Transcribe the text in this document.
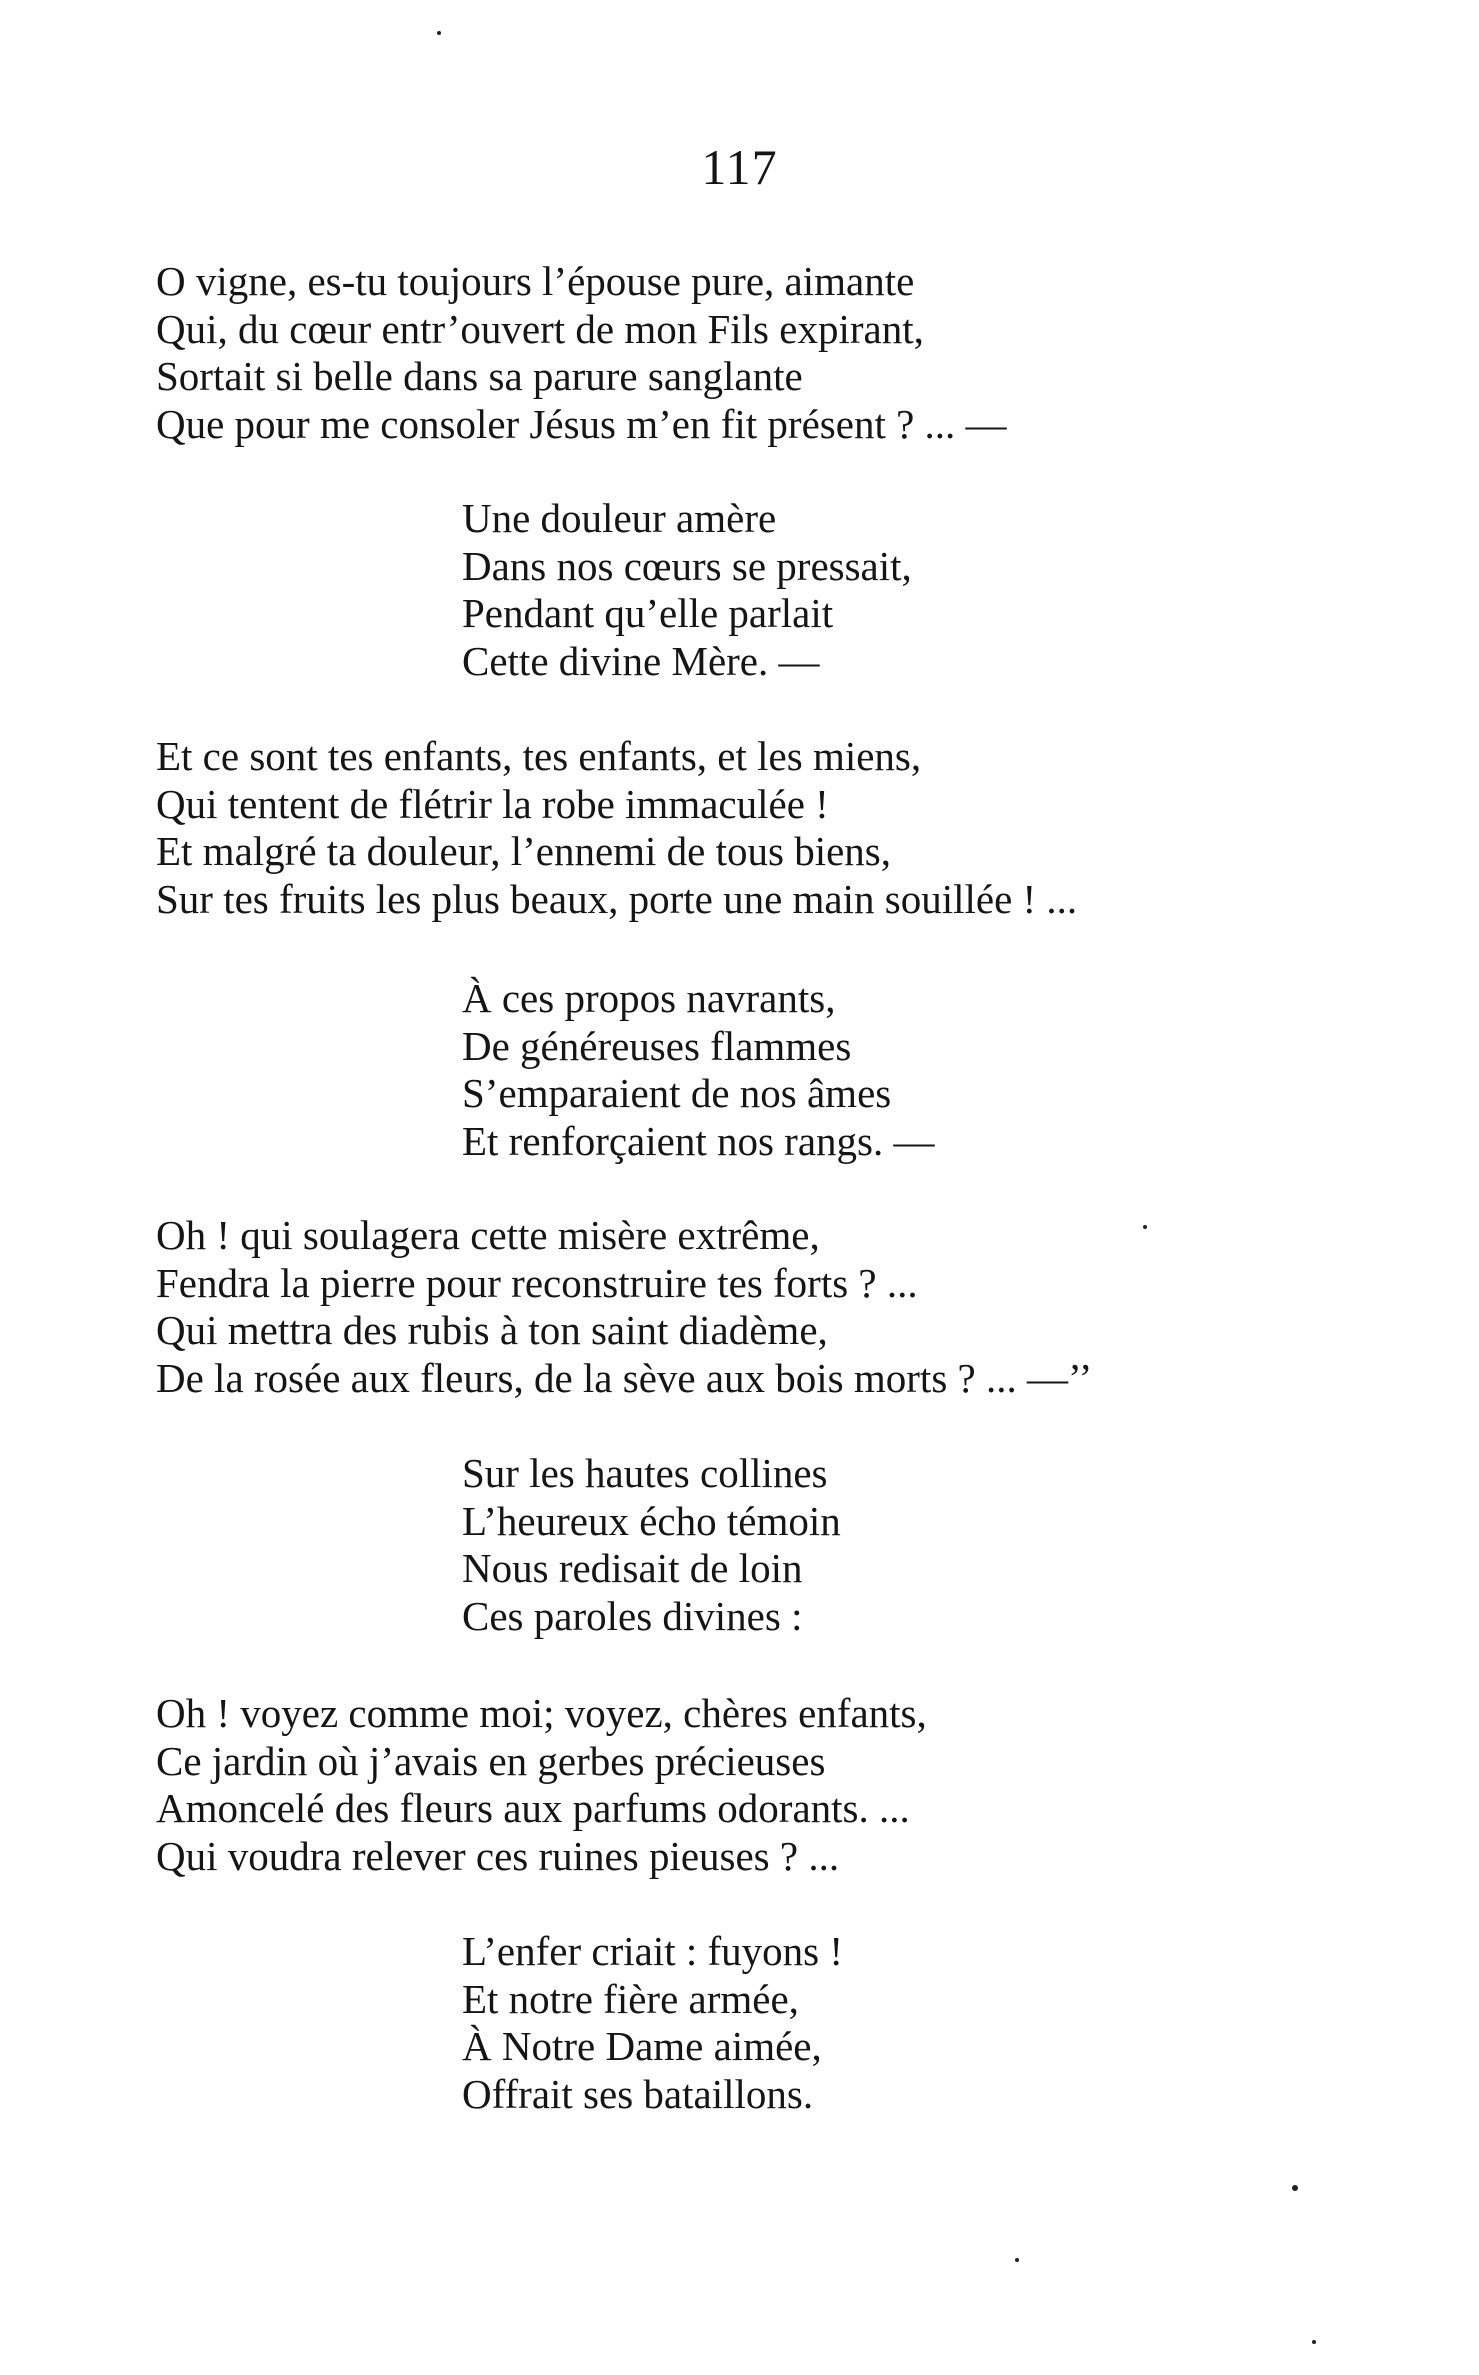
117
O vigne, es-tu toujours l’épouse pure, aimante
Qui, du cœur entr’ouvert de mon Fils expirant,
Sortait si belle dans sa parure sanglante
Que pour me consoler Jésus m’en fit présent ? ... —
Une douleur amère
Dans nos cœurs se pressait,
Pendant qu’elle parlait
Cette divine Mère. —
Et ce sont tes enfants, tes enfants, et les miens,
Qui tentent de flétrir la robe immaculée !
Et malgré ta douleur, l’ennemi de tous biens,
Sur tes fruits les plus beaux, porte une main souillée ! ...
À ces propos navrants,
De généreuses flammes
S’emparaient de nos âmes
Et renforçaient nos rangs. —
Oh ! qui soulagera cette misère extrême,
Fendra la pierre pour reconstruire tes forts ? ...
Qui mettra des rubis à ton saint diadème,
De la rosée aux fleurs, de la sève aux bois morts ? ... —’’
Sur les hautes collines
L’heureux écho témoin
Nous redisait de loin
Ces paroles divines :
Oh ! voyez comme moi; voyez, chères enfants,
Ce jardin où j’avais en gerbes précieuses
Amoncelé des fleurs aux parfums odorants. ...
Qui voudra relever ces ruines pieuses ? ...
L’enfer criait : fuyons !
Et notre fière armée,
À Notre Dame aimée,
Offrait ses bataillons.
